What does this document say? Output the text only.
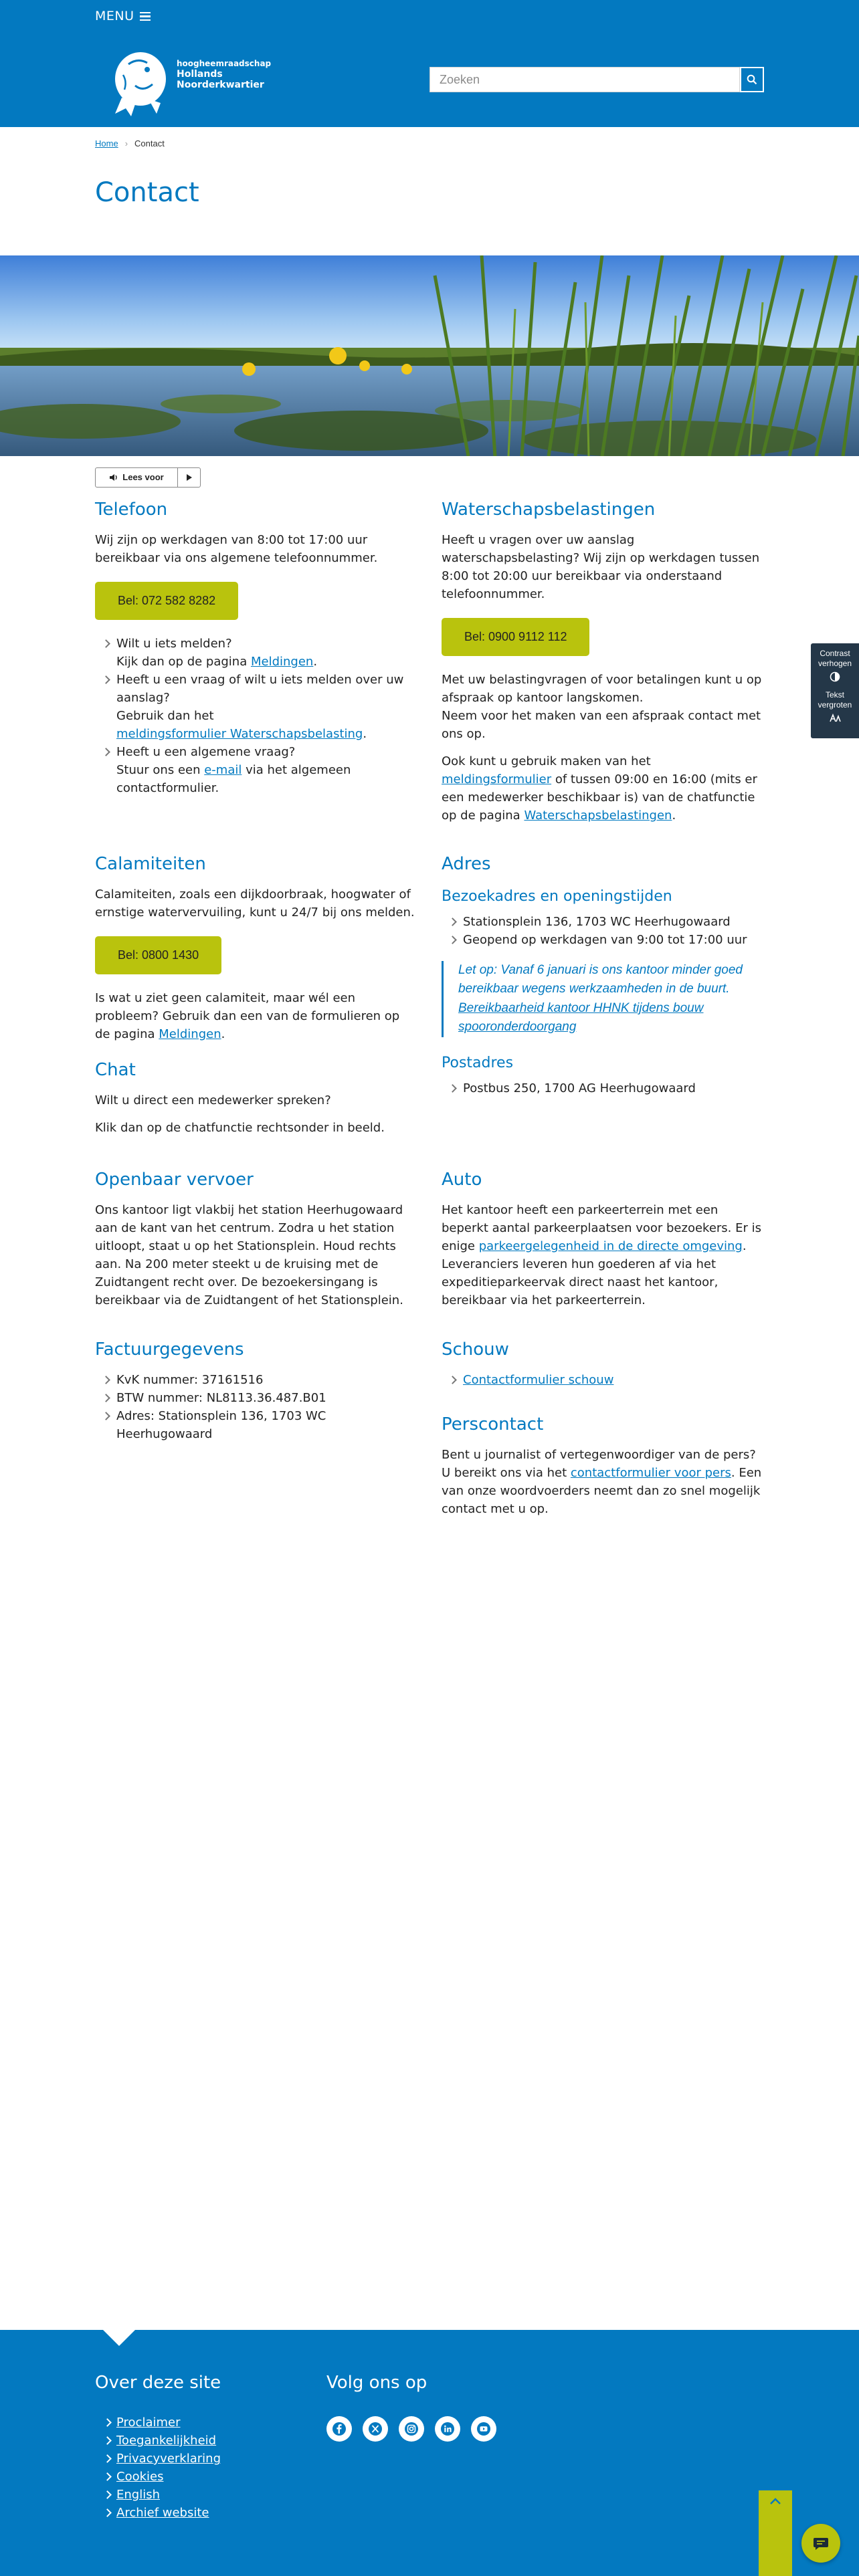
MENU
hoogheemraadschap
Hollands
Noorderkwartier
Zoeken
Home › Contact
Contact
Lees voor
Contrast verhogen
Tekst vergroten
Telefoon

Wij zijn op werkdagen van 8:00 tot 17:00 uur bereikbaar via ons algemene telefoonnummer.

Bel: 072 582 8282
Wilt u iets melden?
Kijk dan op de pagina Meldingen.
Heeft u een vraag of wilt u iets melden over uw aanslag?
Gebruik dan het
meldingsformulier Waterschapsbelasting.
Heeft u een algemene vraag?
Stuur ons een e-mail via het algemeen contactformulier.
Calamiteiten

Calamiteiten, zoals een dijkdoorbraak, hoogwater of ernstige watervervuiling, kunt u 24/7 bij ons melden.

Bel: 0800 1430

Is wat u ziet geen calamiteit, maar wél een probleem? Gebruik dan een van de formulieren op de pagina Meldingen.

Chat

Wilt u direct een medewerker spreken?

Klik dan op de chatfunctie rechtsonder in beeld.

Openbaar vervoer

Ons kantoor ligt vlakbij het station Heerhugowaard aan de kant van het centrum. Zodra u het station uitloopt, staat u op het Stationsplein. Houd rechts aan. Na 200 meter steekt u de kruising met de Zuidtangent recht over. De bezoekersingang is bereikbaar via de Zuidtangent of het Stationsplein.

Factuurgegevens
KvK nummer: 37161516
BTW nummer: NL8113.36.487.B01
Adres: Stationsplein 136, 1703 WC Heerhugowaard
Waterschapsbelastingen

Heeft u vragen over uw aanslag waterschapsbelasting? Wij zijn op werkdagen tussen 8:00 tot 20:00 uur bereikbaar via onderstaand telefoonnummer.

Bel: 0900 9112 112

Met uw belastingvragen of voor betalingen kunt u op afspraak op kantoor langskomen.
Neem voor het maken van een afspraak contact met ons op.

Ook kunt u gebruik maken van het meldingsformulier of tussen 09:00 en 16:00 (mits er een medewerker beschikbaar is) van de chatfunctie op de pagina Waterschapsbelastingen.

Adres
Bezoekadres en openingstijden
Stationsplein 136, 1703 WC Heerhugowaard
Geopend op werkdagen van 9:00 tot 17:00 uur
Let op: Vanaf 6 januari is ons kantoor minder goed bereikbaar wegens werkzaamheden in de buurt.
Bereikbaarheid kantoor HHNK tijdens bouw spooronderdoorgang
Postadres
Postbus 250, 1700 AG Heerhugowaard
Auto

Het kantoor heeft een parkeerterrein met een beperkt aantal parkeerplaatsen voor bezoekers. Er is enige parkeergelegenheid in de directe omgeving. Leveranciers leveren hun goederen af via het expeditieparkeervak direct naast het kantoor, bereikbaar via het parkeerterrein.

Schouw
Contactformulier schouw
Perscontact

Bent u journalist of vertegenwoordiger van de pers? U bereikt ons via het contactformulier voor pers. Een van onze woordvoerders neemt dan zo snel mogelijk contact met u op.

Over deze site
Proclaimer
Toegankelijkheid
Privacyverklaring
Cookies
English
Archief website
Volg ons op
